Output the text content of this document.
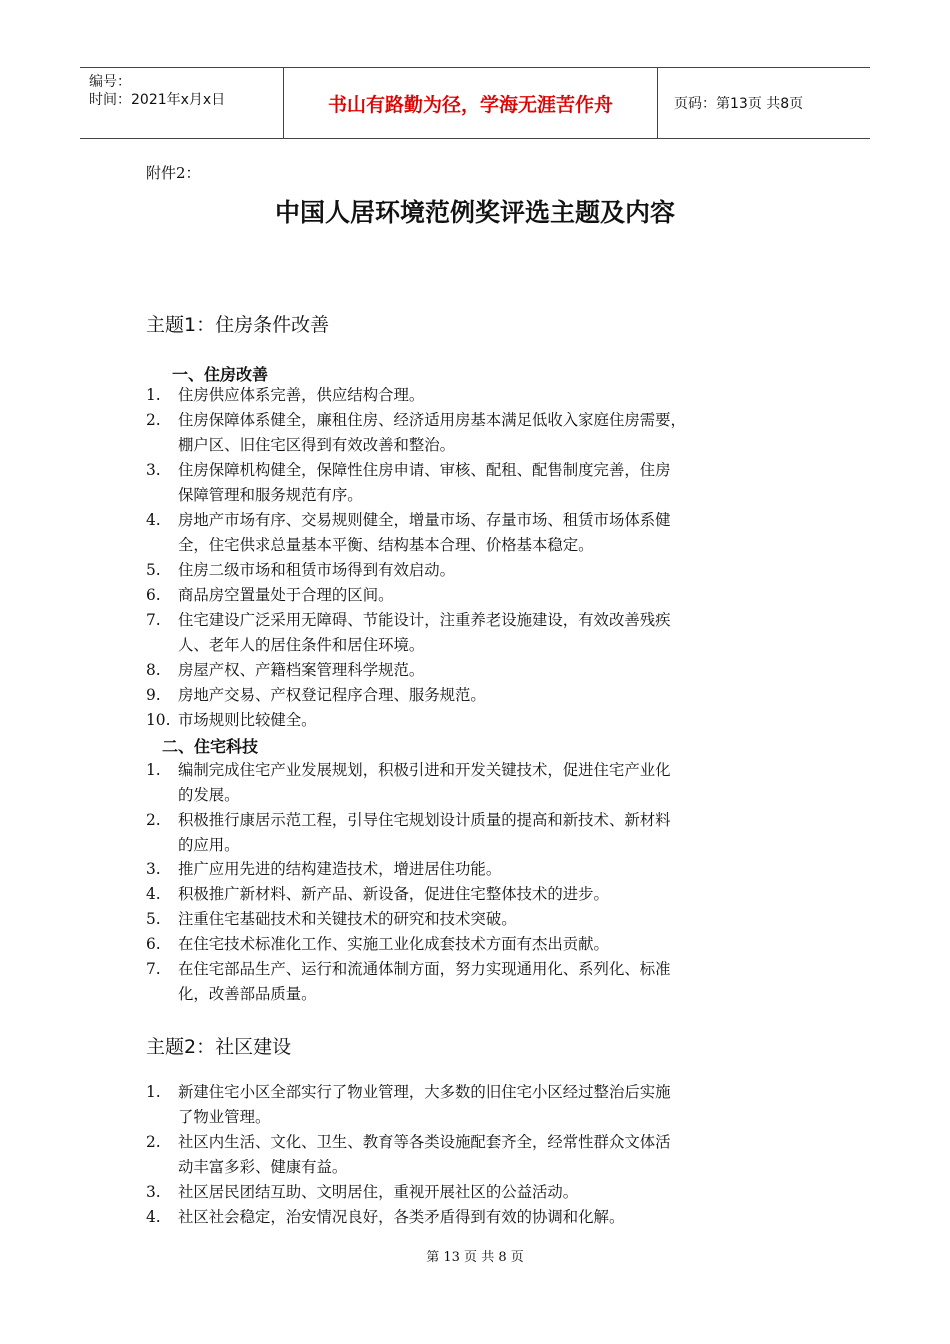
编号：
时间：2021年x月x日	书山有路勤为径，学海无涯苦作舟	页码：第13页 共8页
附件2：
中国人居环境范例奖评选主题及内容
主题1：住房条件改善
一、住房改善
1. 住房供应体系完善，供应结构合理。
2. 住房保障体系健全，廉租住房、经济适用房基本满足低收入家庭住房需要，
棚户区、旧住宅区得到有效改善和整治。
3. 住房保障机构健全，保障性住房申请、审核、配租、配售制度完善，住房
保障管理和服务规范有序。
4. 房地产市场有序、交易规则健全，增量市场、存量市场、租赁市场体系健
全，住宅供求总量基本平衡、结构基本合理、价格基本稳定。
5. 住房二级市场和租赁市场得到有效启动。
6. 商品房空置量处于合理的区间。
7. 住宅建设广泛采用无障碍、节能设计，注重养老设施建设，有效改善残疾
人、老年人的居住条件和居住环境。
8. 房屋产权、产籍档案管理科学规范。
9. 房地产交易、产权登记程序合理、服务规范。
10. 市场规则比较健全。
二、住宅科技
1. 编制完成住宅产业发展规划，积极引进和开发关键技术，促进住宅产业化
的发展。
2. 积极推行康居示范工程，引导住宅规划设计质量的提高和新技术、新材料
的应用。
3. 推广应用先进的结构建造技术，增进居住功能。
4. 积极推广新材料、新产品、新设备，促进住宅整体技术的进步。
5. 注重住宅基础技术和关键技术的研究和技术突破。
6. 在住宅技术标准化工作、实施工业化成套技术方面有杰出贡献。
7. 在住宅部品生产、运行和流通体制方面，努力实现通用化、系列化、标准
化，改善部品质量。
主题2：社区建设
1. 新建住宅小区全部实行了物业管理，大多数的旧住宅小区经过整治后实施
了物业管理。
2. 社区内生活、文化、卫生、教育等各类设施配套齐全，经常性群众文体活
动丰富多彩、健康有益。
3. 社区居民团结互助、文明居住，重视开展社区的公益活动。
4. 社区社会稳定，治安情况良好，各类矛盾得到有效的协调和化解。
第 13 页 共 8 页
